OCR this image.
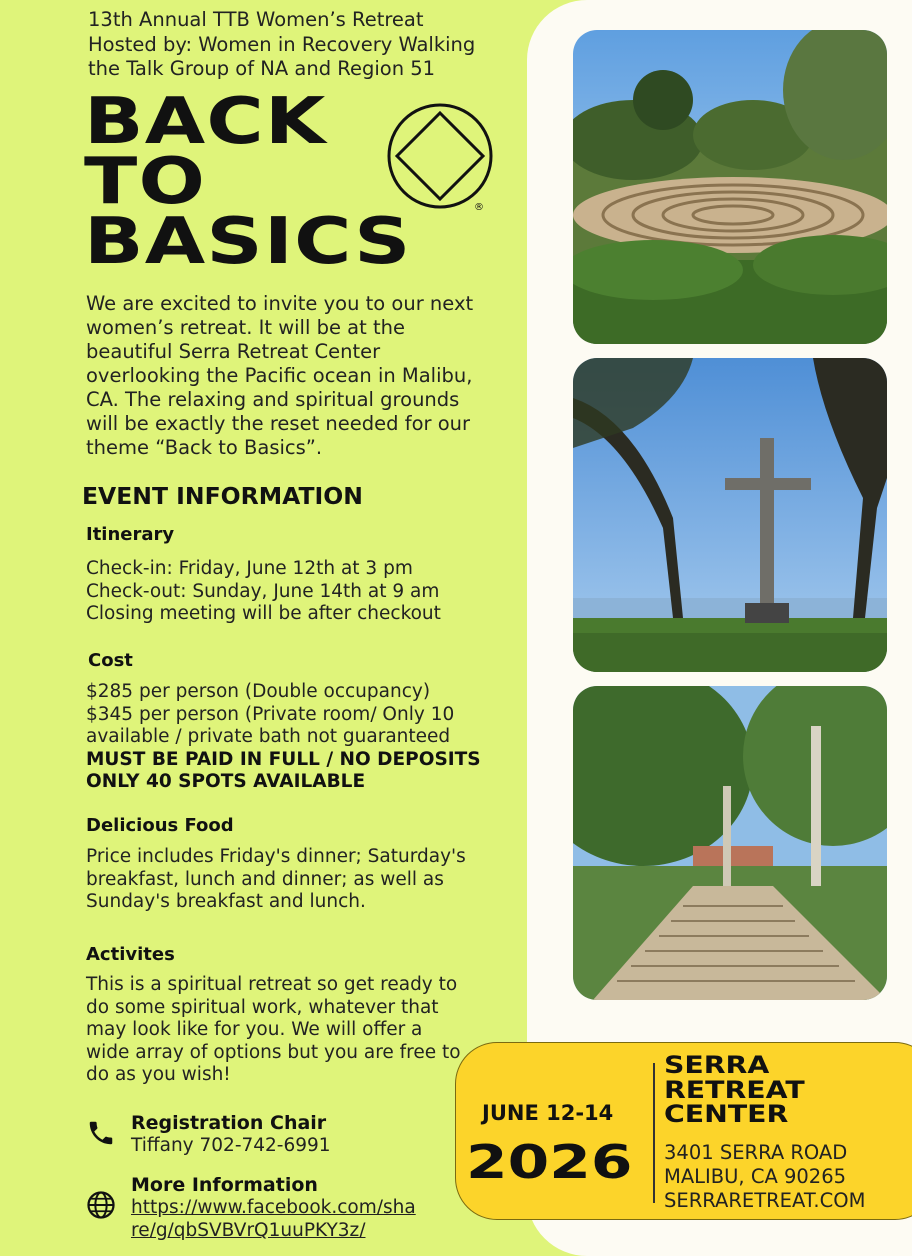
13th Annual TTB Women’s Retreat
Hosted by: Women in Recovery Walking
the Talk Group of NA and Region 51
BACK
TO
BASICS	®
We are excited to invite you to our next
women’s retreat. It will be at the
beautiful Serra Retreat Center
overlooking the Pacific ocean in Malibu,
CA. The relaxing and spiritual grounds
will be exactly the reset needed for our
theme “Back to Basics”.
EVENT INFORMATION
Itinerary
Check-in: Friday, June 12th at 3 pm
Check-out: Sunday, June 14th at 9 am
Closing meeting will be after checkout
Cost
$285 per person (Double occupancy)
$345 per person (Private room/ Only 10
available / private bath not guaranteed
MUST BE PAID IN FULL / NO DEPOSITS
ONLY 40 SPOTS AVAILABLE
Delicious Food
Price includes Friday's dinner; Saturday's
breakfast, lunch and dinner; as well as
Sunday's breakfast and lunch.
Activites
This is a spiritual retreat so get ready to
do some spiritual work, whatever that
may look like for you. We will offer a
wide array of options but you are free to
do as you wish!
Registration Chair
Tiffany 702-742-6991
More Information
https://www.facebook.com/sha
re/g/qbSVBVrQ1uuPKY3z/
JUNE 12-14
2026
SERRA
RETREAT
CENTER
3401 SERRA ROAD
MALIBU, CA 90265
SERRARETREAT.COM
